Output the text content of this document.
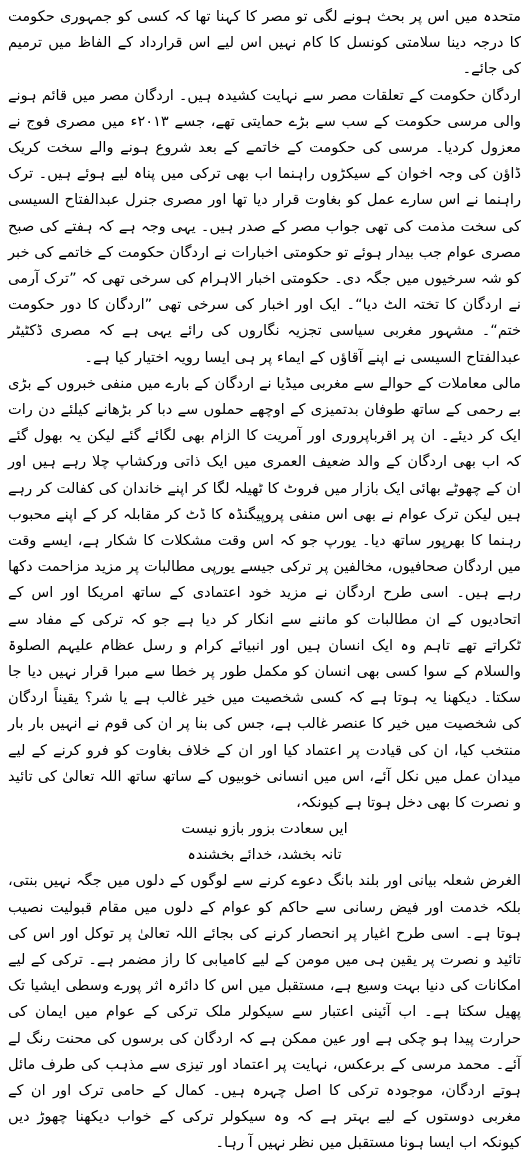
متحدہ میں اس پر بحث ہونے لگی تو مصر کا کہنا تھا کہ کسی کو جمہوری حکومت کا درجہ دینا سلامتی کونسل کا کام نہیں اس لیے اس قرارداد کے الفاظ میں ترمیم کی جائے۔

اردگان حکومت کے تعلقات مصر سے نہایت کشیدہ ہیں۔ اردگان مصر میں قائم ہونے والی مرسی حکومت کے سب سے بڑے حمایتی تھے، جسے ۲۰۱۳ء میں مصری فوج نے معزول کردیا۔ مرسی کی حکومت کے خاتمے کے بعد شروع ہونے والے سخت کریک ڈاؤن کی وجہ اخوان کے سیکڑوں راہنما اب بھی ترکی میں پناہ لیے ہوئے ہیں۔ ترک راہنما نے اس سارے عمل کو بغاوت قرار دیا تھا اور مصری جنرل عبدالفتاح السیسی کی سخت مذمت کی تھی جواب مصر کے صدر ہیں۔ یہی وجہ ہے کہ ہفتے کی صبح مصری عوام جب بیدار ہوئے تو حکومتی اخبارات نے اردگان حکومت کے خاتمے کی خبر کو شہ سرخیوں میں جگہ دی۔ حکومتی اخبار الاہرام کی سرخی تھی کہ ”ترک آرمی نے اردگان کا تختہ الٹ دیا“۔ ایک اور اخبار کی سرخی تھی ”اردگان کا دور حکومت ختم“۔ مشہور مغربی سیاسی تجزیہ نگاروں کی رائے یہی ہے کہ مصری ڈکٹیٹر عبدالفتاح السیسی نے اپنے آقاؤں کے ایماء پر ہی ایسا رویہ اختیار کیا ہے۔

مالی معاملات کے حوالے سے مغربی میڈیا نے اردگان کے بارے میں منفی خبروں کے بڑی بے رحمی کے ساتھ طوفان بدتمیزی کے اوچھے حملوں سے دبا کر بڑھانے کیلئے دن رات ایک کر دیئے۔ ان پر اقرباپروری اور آمریت کا الزام بھی لگائے گئے لیکن یہ بھول گئے کہ اب بھی اردگان کے والد ضعیف العمری میں ایک ذاتی ورکشاپ چلا رہے ہیں اور ان کے چھوٹے بھائی ایک بازار میں فروٹ کا ٹھیلہ لگا کر اپنے خاندان کی کفالت کر رہے ہیں لیکن ترک عوام نے بھی اس منفی پروپیگنڈہ کا ڈٹ کر مقابلہ کر کے اپنے محبوب رہنما کا بھرپور ساتھ دیا۔ یورپ جو کہ اس وقت مشکلات کا شکار ہے، ایسے وقت میں اردگان صحافیوں، مخالفین پر ترکی جیسے یورپی مطالبات پر مزید مزاحمت دکھا رہے ہیں۔ اسی طرح اردگان نے مزید خود اعتمادی کے ساتھ امریکا اور اس کے اتحادیوں کے ان مطالبات کو ماننے سے انکار کر دیا ہے جو کہ ترکی کے مفاد سے ٹکراتے تھے تاہم وہ ایک انسان ہیں اور انبیائے کرام و رسل عظام علیہم الصلوۃ والسلام کے سوا کسی بھی انسان کو مکمل طور پر خطا سے مبرا قرار نہیں دیا جا سکتا۔ دیکھنا یہ ہوتا ہے کہ کسی شخصیت میں خیر غالب ہے یا شر؟ یقیناً اردگان کی شخصیت میں خیر کا عنصر غالب ہے، جس کی بنا پر ان کی قوم نے انہیں بار بار منتخب کیا، ان کی قیادت پر اعتماد کیا اور ان کے خلاف بغاوت کو فرو کرنے کے لیے میدان عمل میں نکل آئے، اس میں انسانی خوبیوں کے ساتھ ساتھ اللہ تعالیٰ کی تائید و نصرت کا بھی دخل ہوتا ہے کیونکہ،

ایں سعادت بزور بازو نیست

تانہ بخشد، خدائے بخشندہ

الغرض شعلہ بیانی اور بلند بانگ دعوے کرنے سے لوگوں کے دلوں میں جگہ نہیں بنتی، بلکہ خدمت اور فیض رسانی سے حاکم کو عوام کے دلوں میں مقام قبولیت نصیب ہوتا ہے۔ اسی طرح اغیار پر انحصار کرنے کی بجائے اللہ تعالیٰ پر توکل اور اس کی تائید و نصرت پر یقین ہی میں مومن کے لیے کامیابی کا راز مضمر ہے۔ ترکی کے لیے امکانات کی دنیا بہت وسیع ہے، مستقبل میں اس کا دائرہ اثر پورے وسطی ایشیا تک پھیل سکتا ہے۔ اب آئینی اعتبار سے سیکولر ملک ترکی کے عوام میں ایمان کی حرارت پیدا ہو چکی ہے اور عین ممکن ہے کہ اردگان کی برسوں کی محنت رنگ لے آئے۔ محمد مرسی کے برعکس، نہایت پر اعتماد اور تیزی سے مذہب کی طرف مائل ہوتے اردگان، موجودہ ترکی کا اصل چہرہ ہیں۔ کمال کے حامی ترک اور ان کے مغربی دوستوں کے لیے بہتر ہے کہ وہ سیکولر ترکی کے خواب دیکھنا چھوڑ دیں کیونکہ اب ایسا ہونا مستقبل میں نظر نہیں آ رہا۔
